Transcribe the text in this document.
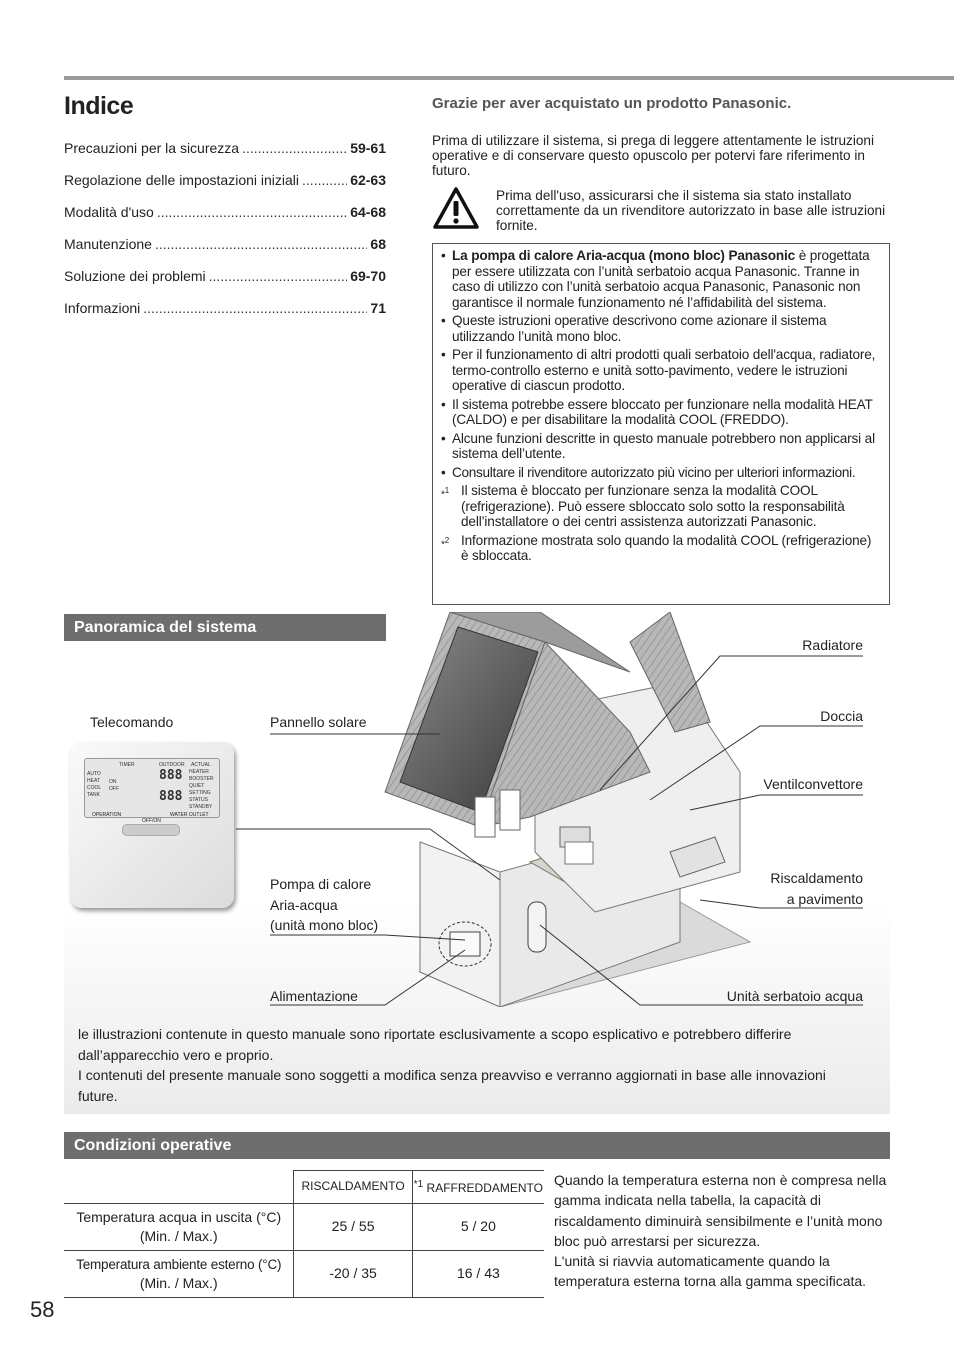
Indice
Precauzioni per la sicurezza .....	59-61
Regolazione delle impostazioni iniziali .....	62-63
Modalità d'uso .....	64-68
Manutenzione .....	68
Soluzione dei problemi .....	69-70
Informazioni .....	71
Grazie per aver acquistato un prodotto Panasonic.
Prima di utilizzare il sistema, si prega di leggere attentamente le istruzioni operative e di conservare questo opuscolo per potervi fare riferimento in futuro.
Prima dell'uso, assicurarsi che il sistema sia stato installato correttamente da un rivenditore autorizzato in base alle istruzioni fornite.
• La pompa di calore Aria-acqua (mono bloc) Panasonic è progettata per essere utilizzata con l’unità serbatoio acqua Panasonic. Tranne in caso di utilizzo con l’unità serbatoio acqua Panasonic, Panasonic non garantisce il normale funzionamento né l’affidabilità del sistema.
• Queste istruzioni operative descrivono come azionare il sistema utilizzando l’unità mono bloc.
• Per il funzionamento di altri prodotti quali serbatoio dell'acqua, radiatore, termo-controllo esterno e unità sotto-pavimento, vedere le istruzioni operative di ciascun prodotto.
• Il sistema potrebbe essere bloccato per funzionare nella modalità HEAT (CALDO) e per disabilitare la modalità COOL (FREDDO).
• Alcune funzioni descritte in questo manuale potrebbero non applicarsi al sistema dell’utente.
• Consultare il rivenditore autorizzato più vicino per ulteriori informazioni.
*$^1$ Il sistema è bloccato per funzionare senza la modalità COOL (refrigerazione). Può essere sbloccato solo sotto la responsabilità dell’installatore o dei centri assistenza autorizzati Panasonic.
*$^2$ Informazione mostrata solo quando la modalità COOL (refrigerazione) è sbloccata.
Panoramica del sistema
TIMER	OUTDOOR ACTUAL
AUTO
HEAT
COOL
TANK
ON
OFF
888
888
HEATER
BOOSTER
QUIET
SETTING
STATUS
STANDBY
OPERATION	WATER OUTLET
OFF/ON
Telecomando	Pannello solare
Radiatore
Doccia
Ventilconvettore
Riscaldamento
a pavimento
Pompa di calore
Aria-acqua
(unità mono bloc)
Alimentazione	Unità serbatoio acqua
le illustrazioni contenute in questo manuale sono riportate esclusivamente a scopo esplicativo e potrebbero differire dall’apparecchio vero e proprio.
I contenuti del presente manuale sono soggetti a modifica senza preavviso e verranno aggiornati in base alle innovazioni future.
Condizioni operative
	RISCALDAMENTO	$^{*1}$ RAFFREDDAMENTO

Temperatura acqua in uscita (°C)
(Min. / Max.)	25 / 55	5 / 20

Temperatura ambiente esterno (°C)
(Min. / Max.)	-20 / 35	16 / 43
Quando la temperatura esterna non è compresa nella gamma indicata nella tabella, la capacità di riscaldamento diminuirà sensibilmente e l’unità mono bloc può arrestarsi per sicurezza.
L'unità si riavvia automaticamente quando la temperatura esterna torna alla gamma specificata.
58
